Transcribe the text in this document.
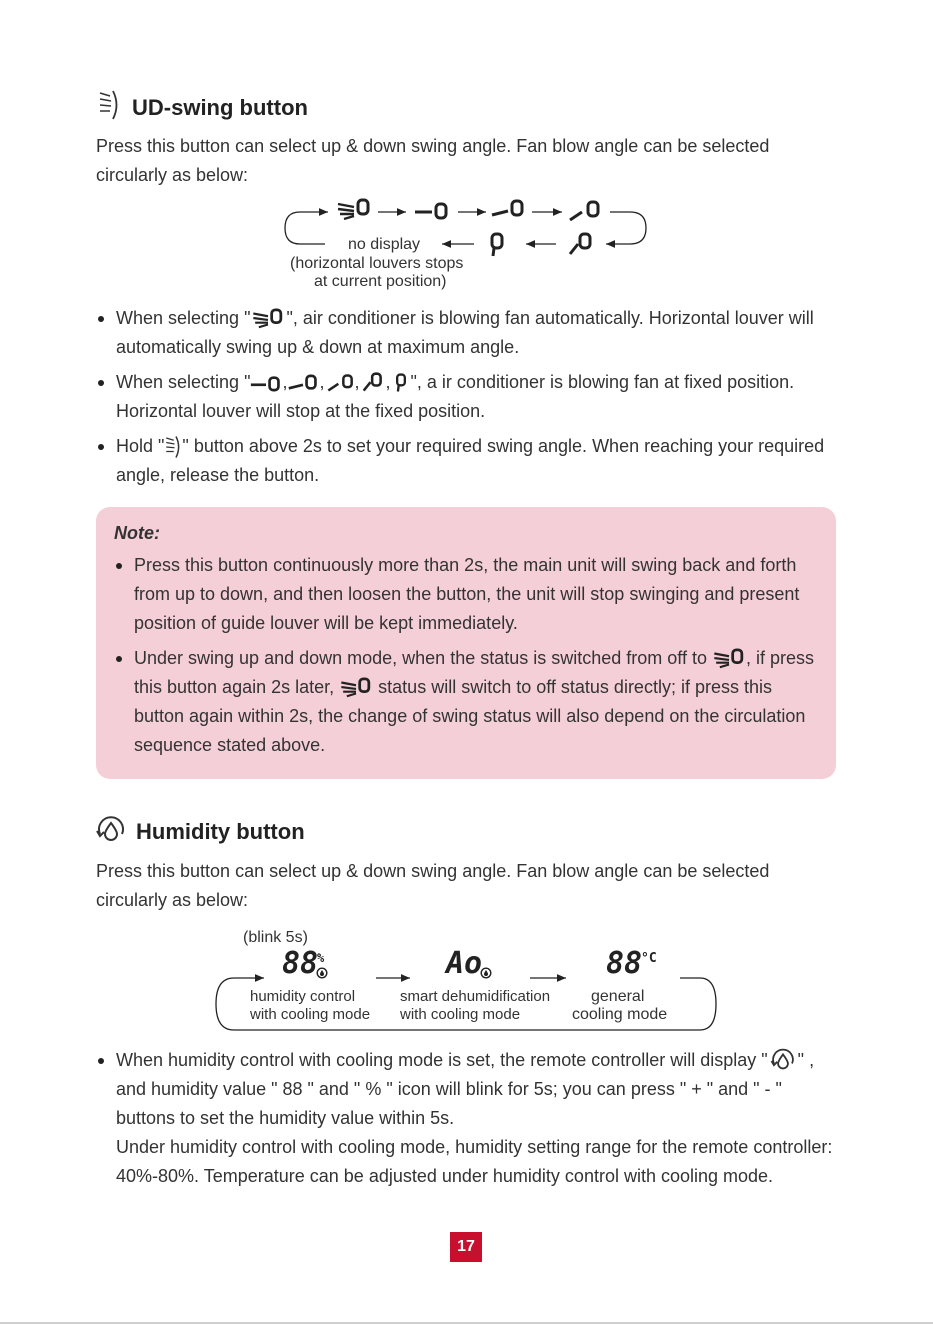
UD-swing button
Press this button can select up & down swing angle. Fan blow angle can be selected circularly as below:
no display
(horizontal louvers stops
at current position)
When selecting " ", air conditioner is blowing fan automatically. Horizontal louver will automatically swing up & down at maximum angle.
When selecting " , , , , ", a ir conditioner is blowing fan at fixed position. Horizontal louver will stop at the fixed position.
Hold " " button above 2s to set your required swing angle. When reaching your required angle, release the button.
Note:
Press this button continuously more than 2s, the main unit will swing back and forth from up to down, and then loosen the button, the unit will stop swinging and present position of guide louver will be kept immediately.
Under swing up and down mode, when the status is switched from off to , if press this button again 2s later, status will switch to off status directly; if press this button again within 2s, the change of swing status will also depend on the circulation sequence stated above.
Humidity button
Press this button can select up & down swing angle. Fan blow angle can be selected circularly as below:
(blink 5s)
88
%	Ao	88
°C
humidity control
with cooling mode
smart dehumidification
with cooling mode
general
cooling mode
When humidity control with cooling mode is set, the remote controller will display " " , and humidity value " 88 " and " % " icon will blink for 5s; you can press " + " and " - " buttons to set the humidity value within 5s.
Under humidity control with cooling mode, humidity setting range for the remote controller: 40%-80%. Temperature can be adjusted under humidity control with cooling mode.
17
